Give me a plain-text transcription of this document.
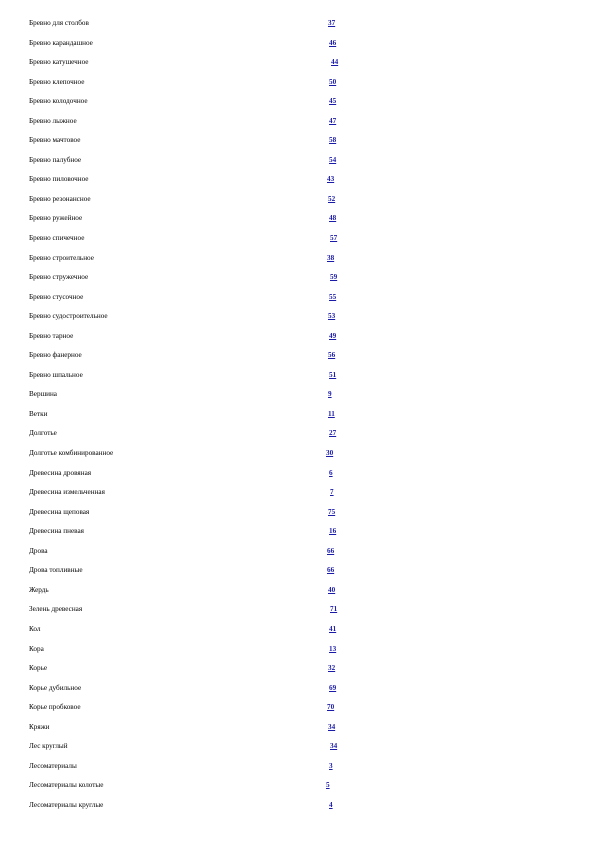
Бревно для столбов	37
Бревно карандашное	46
Бревно катушечное	44
Бревно клепочное	50
Бревно колодочное	45
Бревно лыжное	47
Бревно мачтовое	58
Бревно палубное	54
Бревно пиловочное	43
Бревно резонансное	52
Бревно ружейное	48
Бревно спичечное	57
Бревно строительное	38
Бревно стружечное	59
Бревно стусочное	55
Бревно судостроительное	53
Бревно тарное	49
Бревно фанерное	56
Бревно шпальное	51
Вершина	9
Ветки	11
Долготье	27
Долготье комбинированное	30
Древесина дровяная	6
Древесина измельченная	7
Древесина щеповая	75
Древесина пневая	16
Дрова	66
Дрова топливные	66
Жердь	40
Зелень древесная	71
Кол	41
Кора	13
Корье	32
Корье дубильное	69
Корье пробковое	70
Кряжи	34
Лес круглый	34
Лесоматериалы	3
Лесоматериалы колотые	5
Лесоматериалы круглые	4
